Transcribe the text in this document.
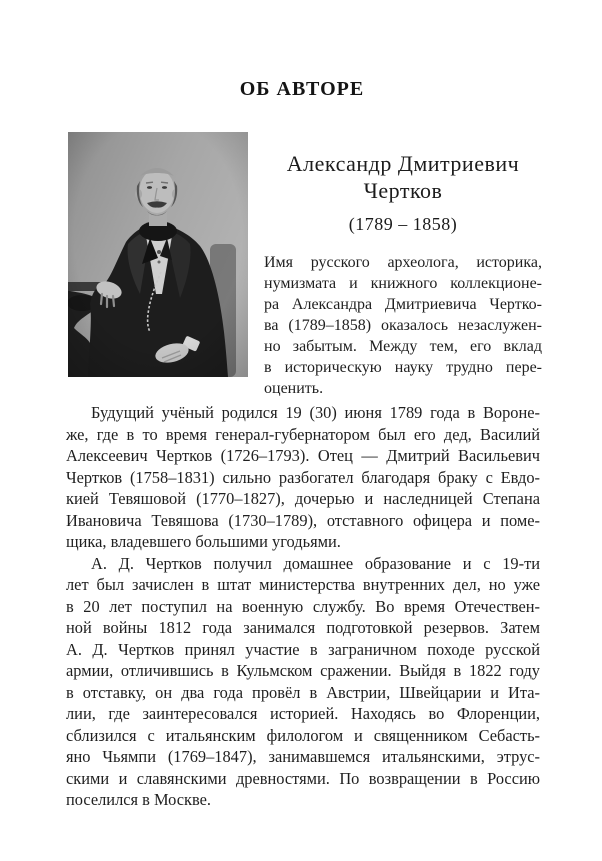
ОБ АВТОРЕ
Александр Дмитриевич
Чертков
(1789 – 1858)
Имя русского археолога, историка,
нумизмата и книжного коллекционе-
ра Александра Дмитриевича Чертко-
ва (1789–1858) оказалось незаслужен-
но забытым. Между тем, его вклад
в историческую науку трудно пере-
оценить.
Будущий учёный родился 19 (30) июня 1789 года в Вороне-
же, где в то время генерал-губернатором был его дед, Василий
Алексеевич Чертков (1726–1793). Отец — Дмитрий Васильевич
Чертков (1758–1831) сильно разбогател благодаря браку с Евдо-
кией Тевяшовой (1770–1827), дочерью и наследницей Степана
Ивановича Тевяшова (1730–1789), отставного офицера и поме-
щика, владевшего большими угодьями.
А. Д. Чертков получил домашнее образование и с 19-ти
лет был зачислен в штат министерства внутренних дел, но уже
в 20 лет поступил на военную службу. Во время Отечествен-
ной войны 1812 года занимался подготовкой резервов. Затем
А. Д. Чертков принял участие в заграничном походе русской
армии, отличившись в Кульмском сражении. Выйдя в 1822 году
в отставку, он два года провёл в Австрии, Швейцарии и Ита-
лии, где заинтересовался историей. Находясь во Флоренции,
сблизился с итальянским филологом и священником Себасть-
яно Чьямпи (1769–1847), занимавшемся итальянскими, этрус-
скими и славянскими древностями. По возвращении в Россию
поселился в Москве.
